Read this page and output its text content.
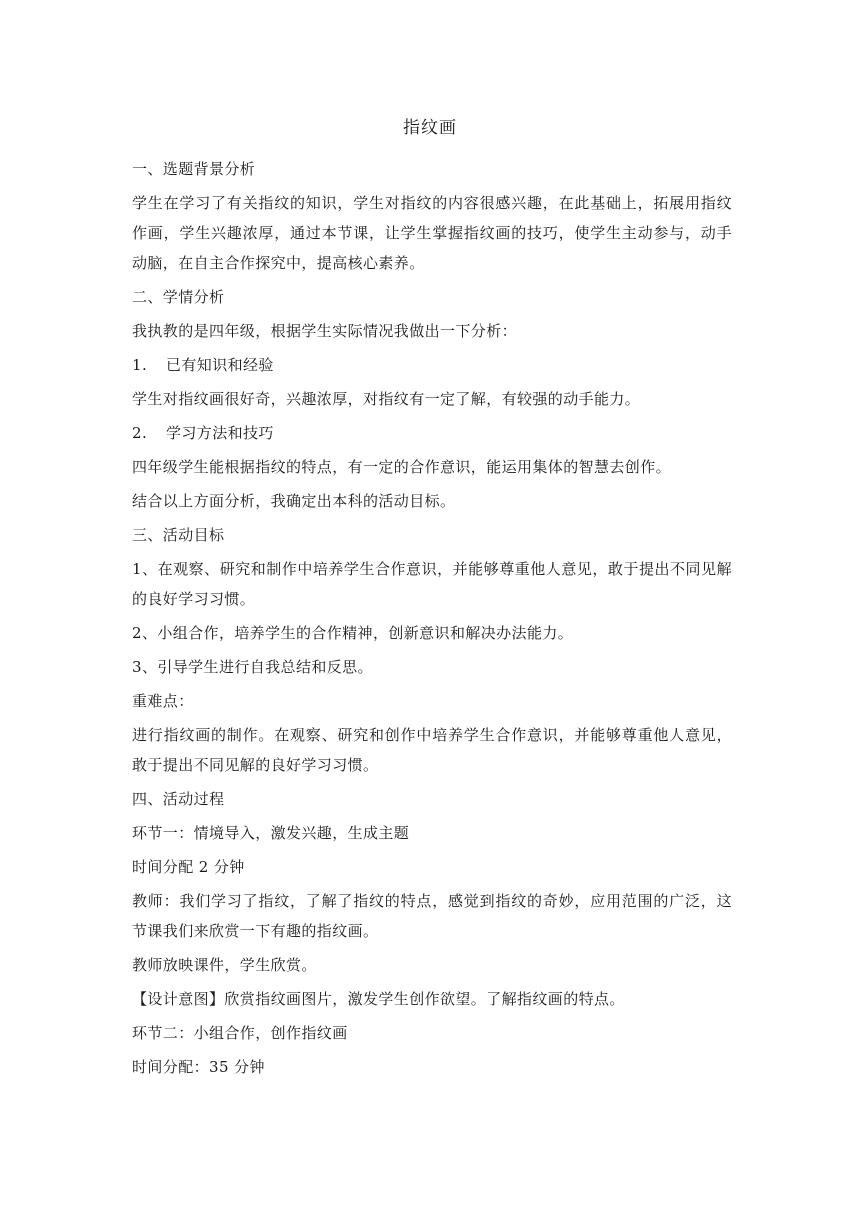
指纹画

一、选题背景分析

学生在学习了有关指纹的知识，学生对指纹的内容很感兴趣，在此基础上，拓展用指纹作画，学生兴趣浓厚，通过本节课，让学生掌握指纹画的技巧，使学生主动参与，动手动脑，在自主合作探究中，提高核心素养。

二、学情分析

我执教的是四年级，根据学生实际情况我做出一下分析：

1. 已有知识和经验

学生对指纹画很好奇，兴趣浓厚，对指纹有一定了解，有较强的动手能力。

2. 学习方法和技巧

四年级学生能根据指纹的特点，有一定的合作意识，能运用集体的智慧去创作。

结合以上方面分析，我确定出本科的活动目标。

三、活动目标

1、在观察、研究和制作中培养学生合作意识，并能够尊重他人意见，敢于提出不同见解的良好学习习惯。

2、小组合作，培养学生的合作精神，创新意识和解决办法能力。

3、引导学生进行自我总结和反思。

重难点：

进行指纹画的制作。在观察、研究和创作中培养学生合作意识，并能够尊重他人意见，敢于提出不同见解的良好学习习惯。

四、活动过程

环节一：情境导入，激发兴趣，生成主题

时间分配 2 分钟

教师：我们学习了指纹，了解了指纹的特点，感觉到指纹的奇妙，应用范围的广泛，这节课我们来欣赏一下有趣的指纹画。

教师放映课件，学生欣赏。

【设计意图】欣赏指纹画图片，激发学生创作欲望。了解指纹画的特点。

环节二：小组合作，创作指纹画

时间分配：35 分钟
